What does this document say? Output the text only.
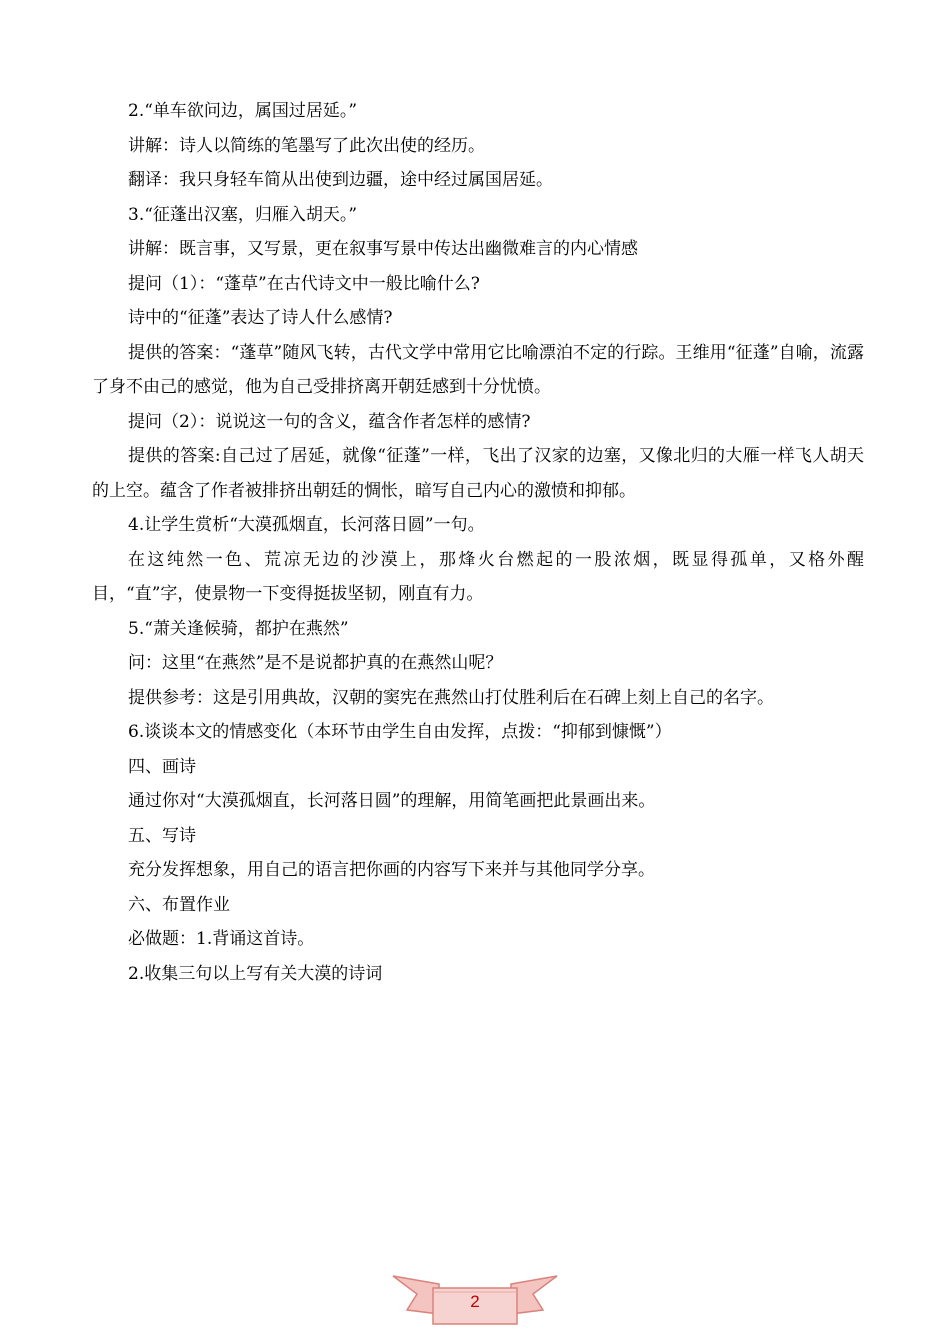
2.“单车欲问边，属国过居延。”

讲解：诗人以简练的笔墨写了此次出使的经历。

翻译：我只身轻车简从出使到边疆，途中经过属国居延。

3.“征蓬出汉塞，归雁入胡天。”

讲解：既言事，又写景，更在叙事写景中传达出幽微难言的内心情感

提问（1）：“蓬草”在古代诗文中一般比喻什么?

诗中的“征蓬”表达了诗人什么感情?

提供的答案：“蓬草”随风飞转，古代文学中常用它比喻漂泊不定的行踪。王维用“征蓬”自喻，流露了身不由己的感觉，他为自己受排挤离开朝廷感到十分忧愤。

提问（2）：说说这一句的含义，蕴含作者怎样的感情?

提供的答案:自己过了居延，就像“征蓬”一样，飞出了汉家的边塞，又像北归的大雁一样飞人胡天的上空。蕴含了作者被排挤出朝廷的惆怅，暗写自己内心的激愤和抑郁。

4.让学生赏析“大漠孤烟直，长河落日圆”一句。

在这纯然一色、荒凉无边的沙漠上，那烽火台燃起的一股浓烟，既显得孤单，又格外醒目，“直”字，使景物一下变得挺拔坚韧，刚直有力。

5.“萧关逢候骑，都护在燕然”

问：这里“在燕然”是不是说都护真的在燕然山呢？

提供参考：这是引用典故，汉朝的窦宪在燕然山打仗胜利后在石碑上刻上自己的名字。

6.谈谈本文的情感变化（本环节由学生自由发挥，点拨：“抑郁到慷慨”）

四、画诗

通过你对“大漠孤烟直，长河落日圆”的理解，用简笔画把此景画出来。

五、写诗

充分发挥想象，用自己的语言把你画的内容写下来并与其他同学分享。

六、布置作业

必做题：1.背诵这首诗。

2.收集三句以上写有关大漠的诗词

2
